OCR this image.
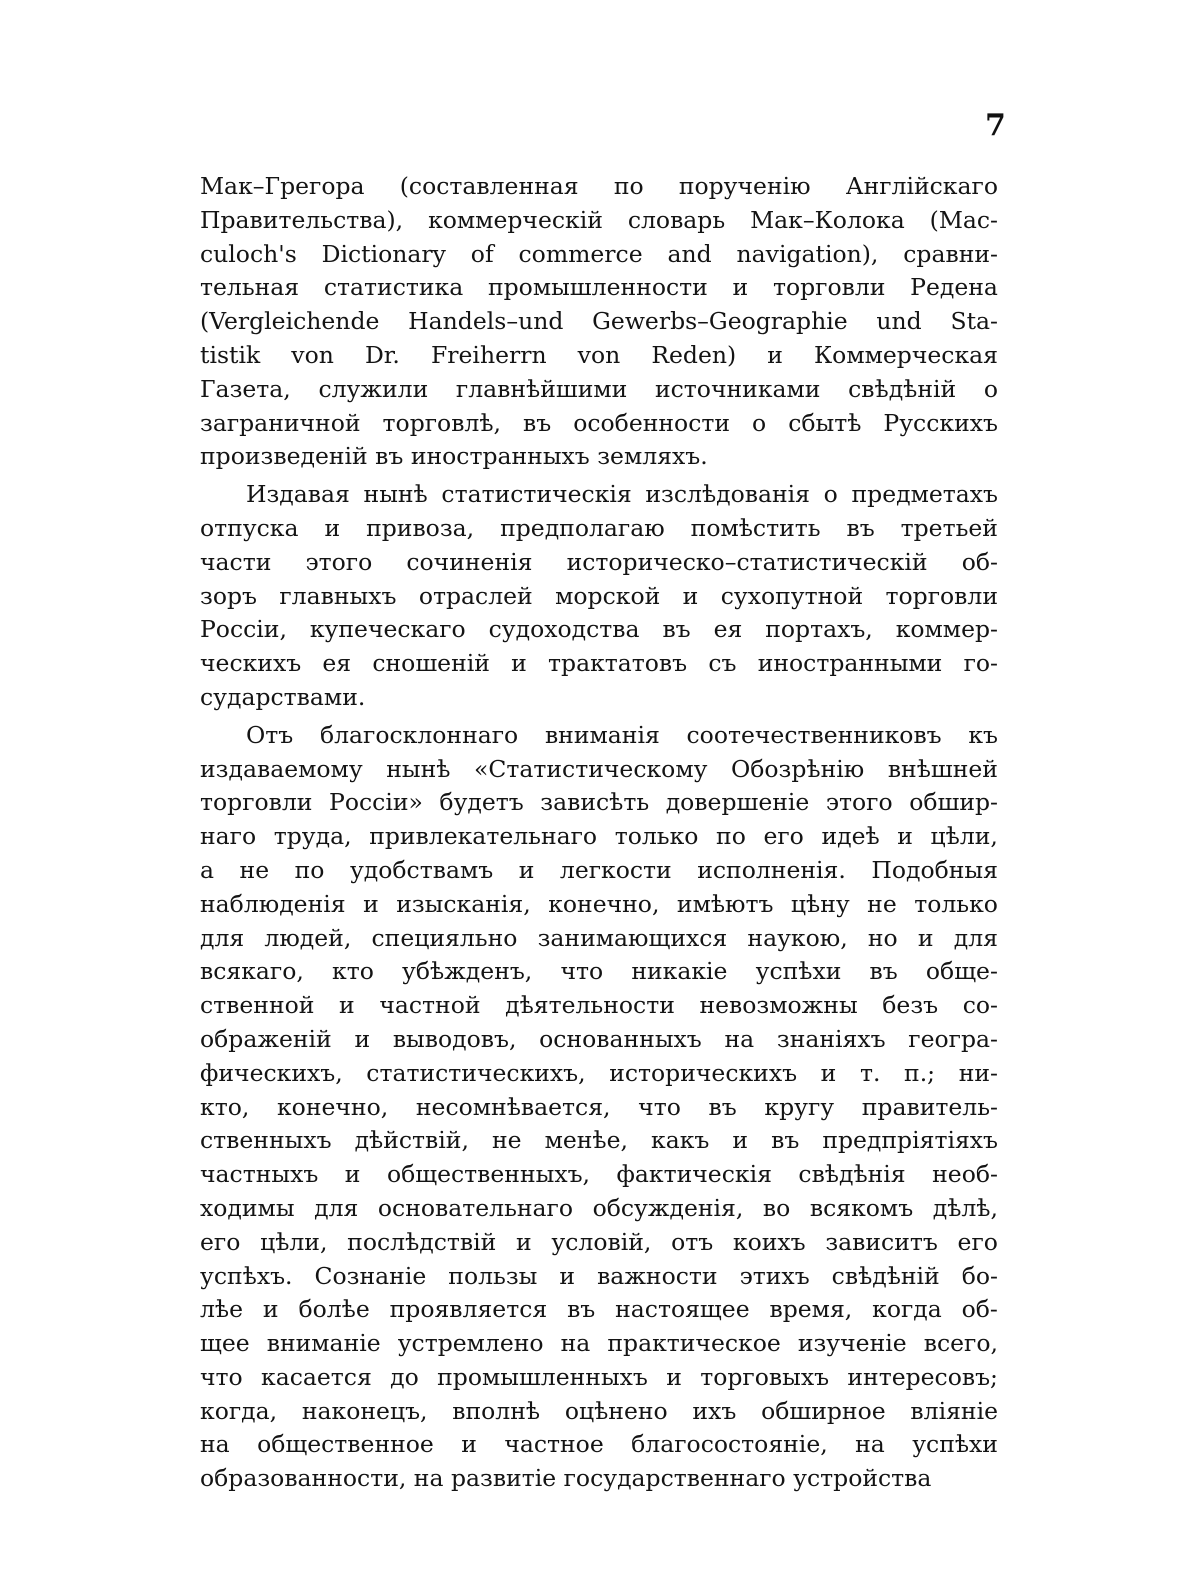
7
Мак–Грегора (составленная по порученію Англійскаго
Правительства), коммерческій словарь Мак–Колока (Mac-
culoch's Dictionary of commerce and navigation), сравни-
тельная статистика промышленности и торговли Редена
(Vergleichende Handels–und Gewerbs–Geographie und Sta-
tistik von Dr. Freiherrn von Reden) и Коммерческая
Газета, служили главнѣйшими источниками свѣдѣній о
заграничной торговлѣ, въ особенности о сбытѣ Русскихъ
произведеній въ иностранныхъ земляхъ.
Издавая нынѣ статистическія изслѣдованія о предметахъ
отпуска и привоза, предполагаю помѣстить въ третьей
части этого сочиненія историческо–статистическій об-
зоръ главныхъ отраслей морской и сухопутной торговли
Россіи, купеческаго судоходства въ ея портахъ, коммер-
ческихъ ея сношеній и трактатовъ съ иностранными го-
сударствами.
Отъ благосклоннаго вниманія соотечественниковъ къ
издаваемому нынѣ «Статистическому Обозрѣнію внѣшней
торговли Россіи» будетъ зависѣть довершеніе этого обшир-
наго труда, привлекательнаго только по его идеѣ и цѣли,
а не по удобствамъ и легкости исполненія. Подобныя
наблюденія и изысканія, конечно, имѣютъ цѣну не только
для людей, специяльно занимающихся наукою, но и для
всякаго, кто убѣжденъ, что никакіе успѣхи въ обще-
ственной и частной дѣятельности невозможны безъ со-
ображеній и выводовъ, основанныхъ на знаніяхъ геогра-
фическихъ, статистическихъ, историческихъ и т. п.; ни-
кто, конечно, несомнѣвается, что въ кругу правитель-
ственныхъ дѣйствій, не менѣе, какъ и въ предпріятіяхъ
частныхъ и общественныхъ, фактическія свѣдѣнія необ-
ходимы для основательнаго обсужденія, во всякомъ дѣлѣ,
его цѣли, послѣдствій и условій, отъ коихъ зависитъ его
успѣхъ. Сознаніе пользы и важности этихъ свѣдѣній бо-
лѣе и болѣе проявляется въ настоящее время, когда об-
щее вниманіе устремлено на практическое изученіе всего,
что касается до промышленныхъ и торговыхъ интересовъ;
когда, наконецъ, вполнѣ оцѣнено ихъ обширное вліяніе
на общественное и частное благосостояніе, на успѣхи
образованности, на развитіе государственнаго устройства
